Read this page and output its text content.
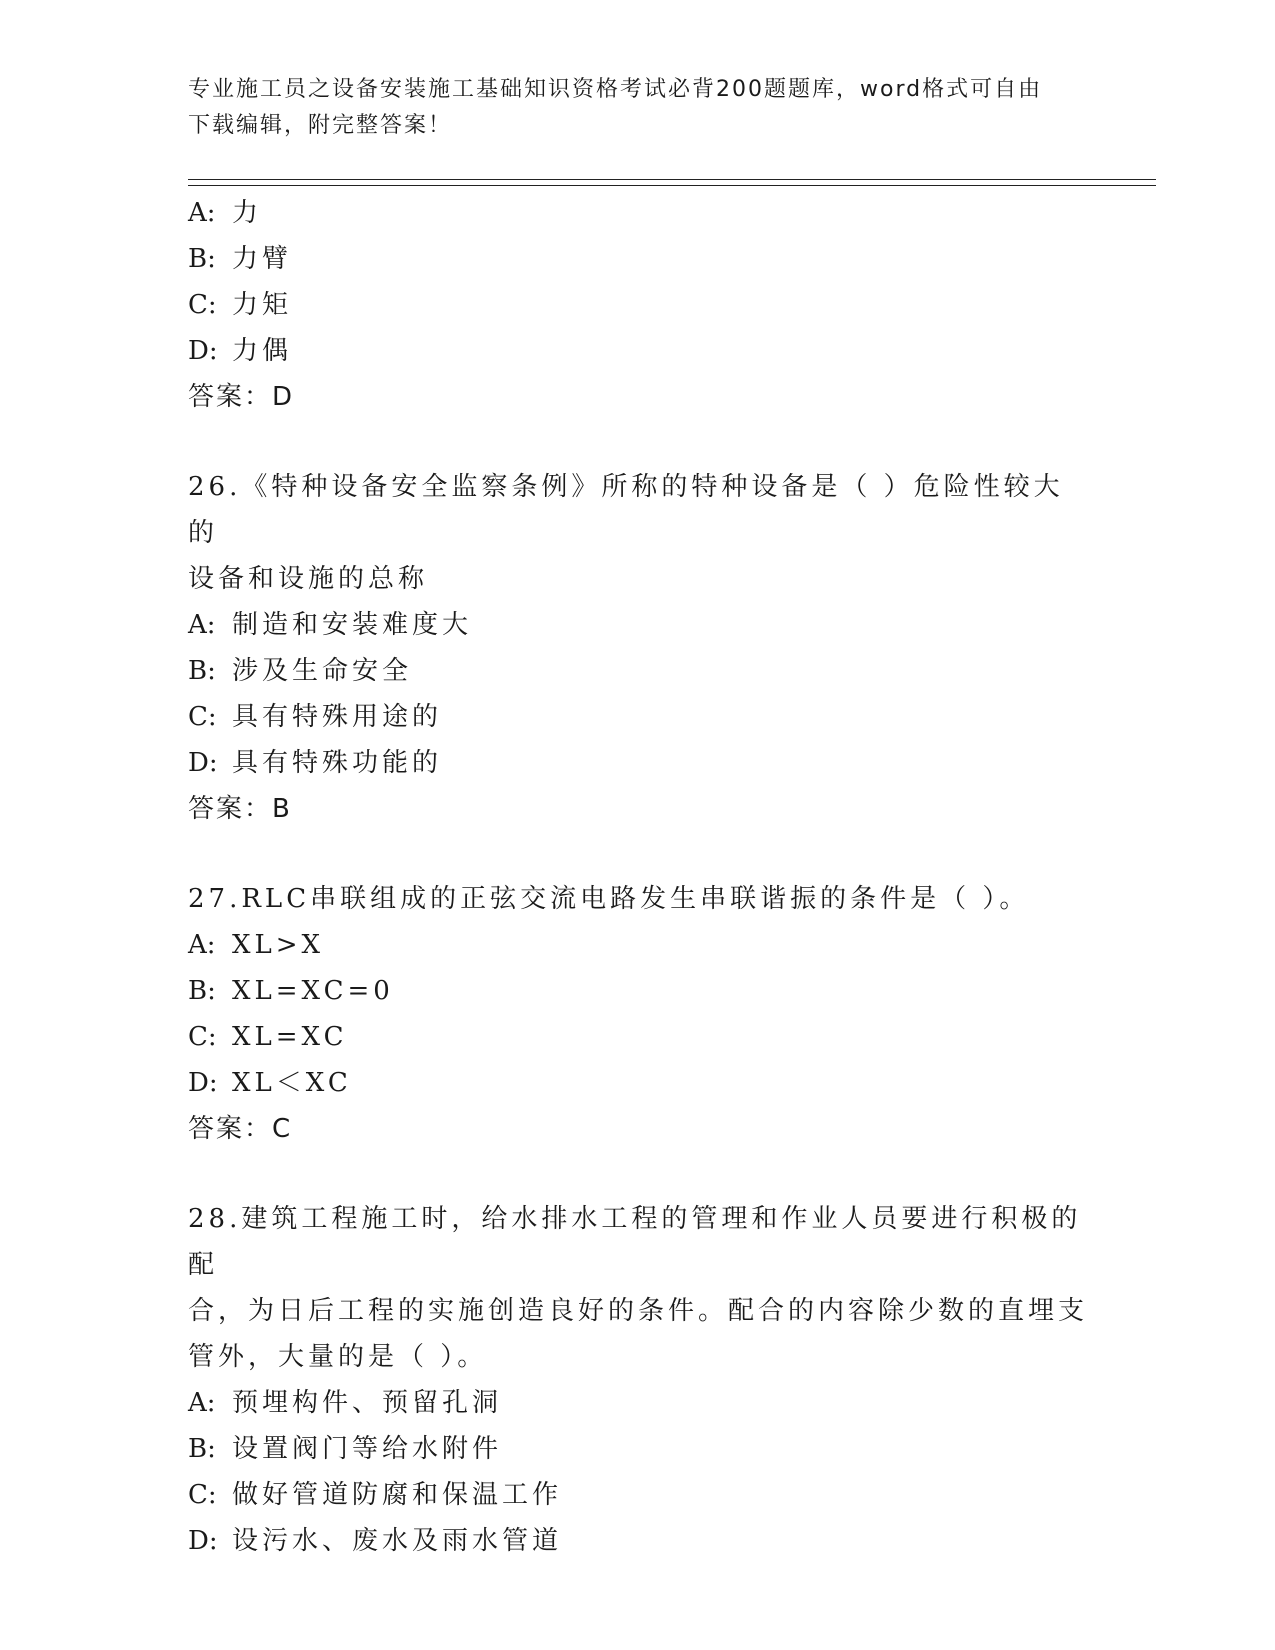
专业施工员之设备安装施工基础知识资格考试必背200题题库，word格式可自由
下载编辑，附完整答案！
A: 力
B: 力臂
C: 力矩
D: 力偶
答案：D
26.《特种设备安全监察条例》所称的特种设备是（ ）危险性较大的
设备和设施的总称
A: 制造和安装难度大
B: 涉及生命安全
C: 具有特殊用途的
D: 具有特殊功能的
答案：B
27.RLC串联组成的正弦交流电路发生串联谐振的条件是（ ）。
A: XL>X
B: XL=XC=0
C: XL=XC
D: XL＜XC
答案：C
28.建筑工程施工时，给水排水工程的管理和作业人员要进行积极的配
合，为日后工程的实施创造良好的条件。配合的内容除少数的直埋支
管外，大量的是（ ）。
A: 预埋构件、预留孔洞
B: 设置阀门等给水附件
C: 做好管道防腐和保温工作
D: 设污水、废水及雨水管道
